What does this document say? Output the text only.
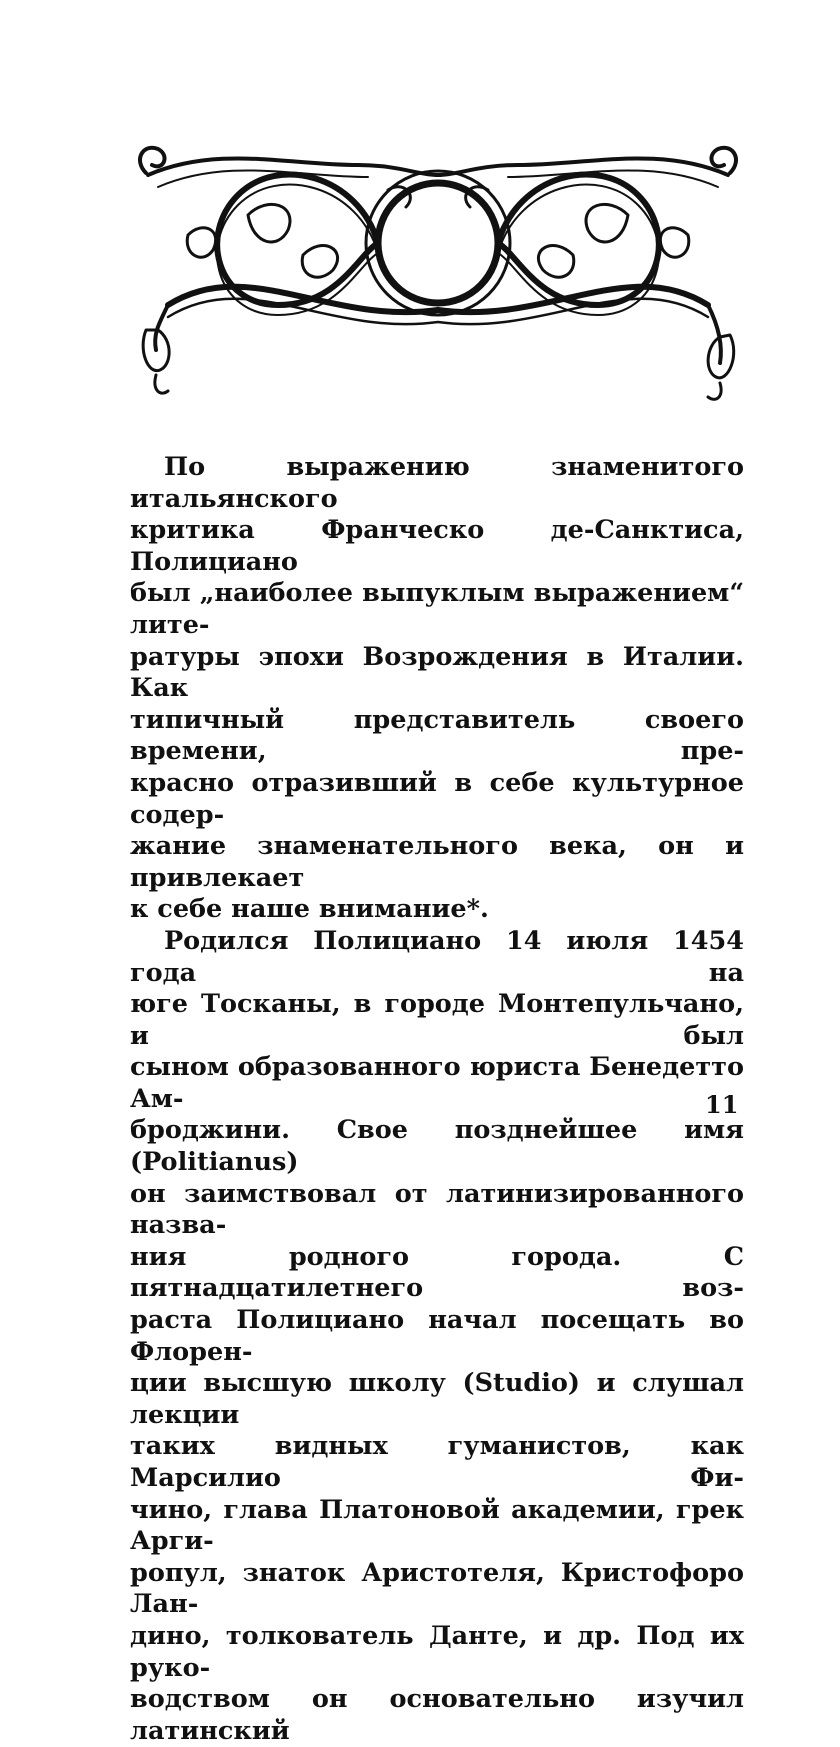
По выражению знаменитого итальянского
критика Франческо де-Санктиса, Полициано
был „наиболее выпуклым выражением“ лите-
ратуры эпохи Возрождения в Италии. Как
типичный представитель своего времени, пре-
красно отразивший в себе культурное содер-
жание знаменательного века, он и привлекает
к себе наше внимание*.

Родился Полициано 14 июля 1454 года на
юге Тосканы, в городе Монтепульчано, и был
сыном образованного юриста Бенедетто Ам-
броджини. Свое позднейшее имя (Politianus)
он заимствовал от латинизированного назва-
ния родного города. С пятнадцатилетнего воз-
раста Полициано начал посещать во Флорен-
ции высшую школу (Studio) и слушал лекции
таких видных гуманистов, как Марсилио Фи-
чино, глава Платоновой академии, грек Арги-
ропул, знаток Аристотеля, Кристофоро Лан-
дино, толкователь Данте, и др. Под их руко-
водством он основательно изучил латинский

11
